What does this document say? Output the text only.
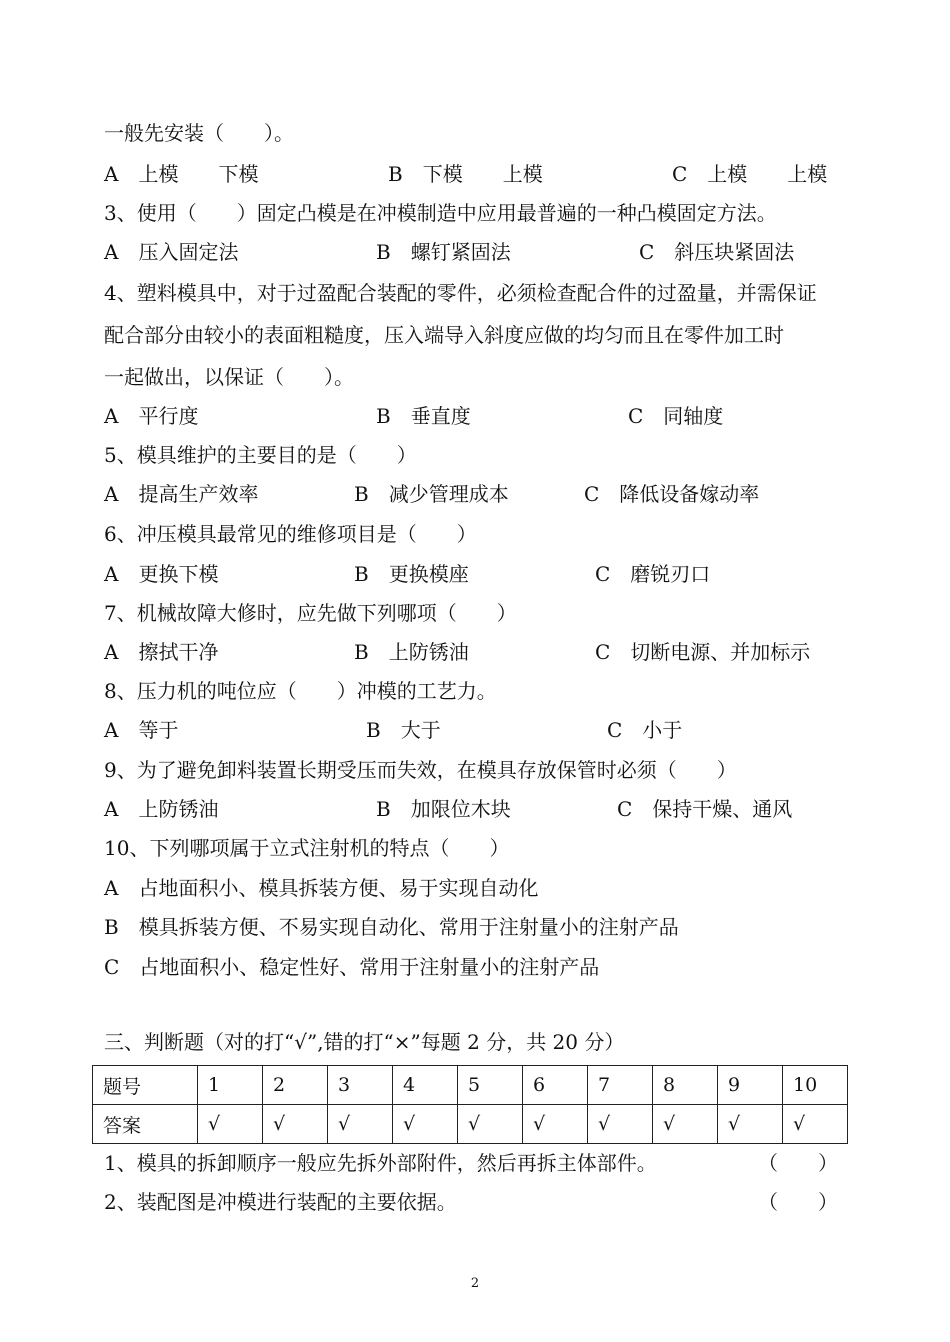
一般先安装（　　）。
A　上模　　下模	B　下模　　上模	C　上模　　上模
3、使用（　　）固定凸模是在冲模制造中应用最普遍的一种凸模固定方法。
A　压入固定法	B　螺钉紧固法	C　斜压块紧固法
4、塑料模具中，对于过盈配合装配的零件，必须检查配合件的过盈量，并需保证
配合部分由较小的表面粗糙度，压入端导入斜度应做的均匀而且在零件加工时
一起做出，以保证（　　）。
A　平行度	B　垂直度	C　同轴度
5、模具维护的主要目的是（　　）
A　提高生产效率	B　减少管理成本	C　降低设备嫁动率
6、冲压模具最常见的维修项目是（　　）
A　更换下模	B　更换模座	C　磨锐刃口
7、机械故障大修时，应先做下列哪项（　　）
A　擦拭干净	B　上防锈油	C　切断电源、并加标示
8、压力机的吨位应（　　）冲模的工艺力。
A　等于	B　大于	C　小于
9、为了避免卸料装置长期受压而失效，在模具存放保管时必须（　　）
A　上防锈油	B　加限位木块	C　保持干燥、通风
10、下列哪项属于立式注射机的特点（　　）
A　占地面积小、模具拆装方便、易于实现自动化
B　模具拆装方便、不易实现自动化、常用于注射量小的注射产品
C　占地面积小、稳定性好、常用于注射量小的注射产品
三、判断题（对的打“√”,错的打“×”每题 2 分，共 20 分）
题号	1	2	3	4	5	6	7	8	9	10
答案	√	√	√	√	√	√	√	√	√	√
1、模具的拆卸顺序一般应先拆外部附件，然后再拆主体部件。	（　　）
2、装配图是冲模进行装配的主要依据。	（　　）
2
